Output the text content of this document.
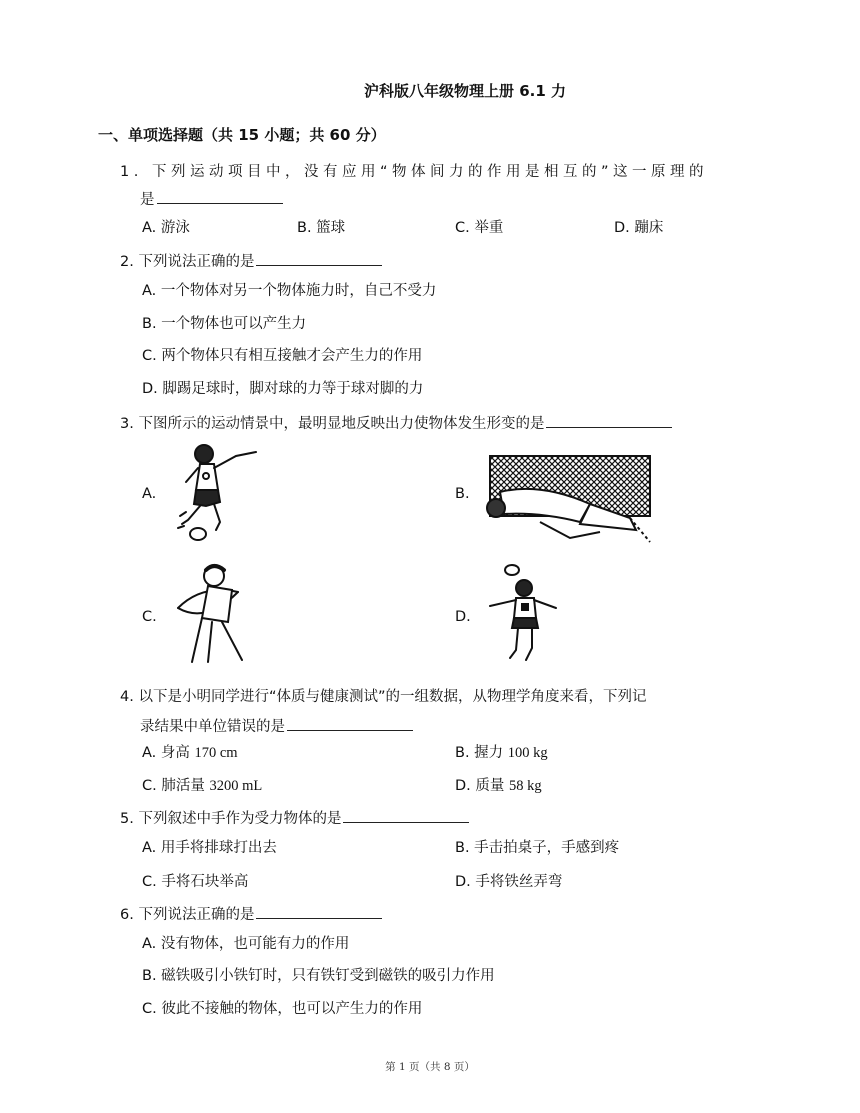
沪科版八年级物理上册 6.1 力
一、单项选择题（共 15 小题；共 60 分）
1. 下列运动项目中，没有应用“物体间力的作用是相互的”这一原理的
是
A. 游泳	B. 篮球	C. 举重	D. 蹦床
2. 下列说法正确的是
A. 一个物体对另一个物体施力时，自己不受力
B. 一个物体也可以产生力
C. 两个物体只有相互接触才会产生力的作用
D. 脚踢足球时，脚对球的力等于球对脚的力
3. 下图所示的运动情景中，最明显地反映出力使物体发生形变的是
A.	B.
C.	D.
4. 以下是小明同学进行“体质与健康测试”的一组数据，从物理学角度来看，下列记
录结果中单位错误的是
A. 身高 170 cm	B. 握力 100 kg
C. 肺活量 3200 mL	D. 质量 58 kg
5. 下列叙述中手作为受力物体的是
A. 用手将排球打出去	B. 手击拍桌子，手感到疼
C. 手将石块举高	D. 手将铁丝弄弯
6. 下列说法正确的是
A. 没有物体，也可能有力的作用
B. 磁铁吸引小铁钉时，只有铁钉受到磁铁的吸引力作用
C. 彼此不接触的物体，也可以产生力的作用
第 1 页（共 8 页）
